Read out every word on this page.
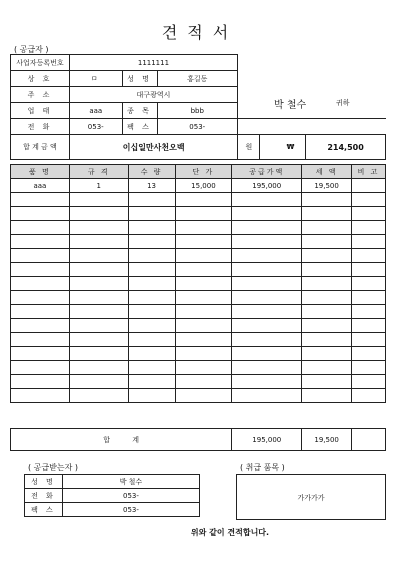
견적서
( 공급자 )
사업자등록번호	1111111		
상 호	ㅁ	성 명	홍길동
주 소	대구광역시		
업 태	aaa	종 목	bbb
전 화	053-	팩 스	053-
박 철수	귀하
합 계 금 액	이십일만사천오백	원		₩	214,500
품 명	규 격	수 량	단 가	공급가액	세 액	비 고
aaa	1	13	15,000	195,000	19,500	

합          계	195,000	19,500	
( 공급받는자 )
성 명	박 철수
전 화	053-
팩 스	053-
( 취급 품목 )
가가가가
위와 같이 견적합니다.
